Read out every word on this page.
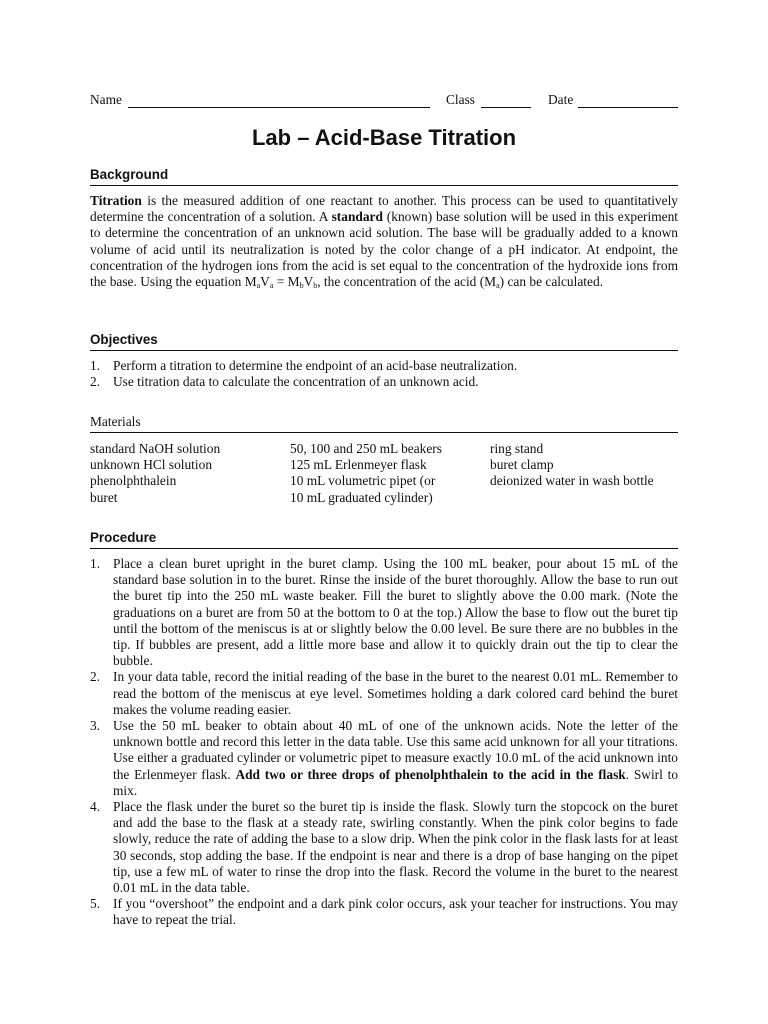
Name	Class	Date
Lab – Acid-Base Titration
Background
Titration is the measured addition of one reactant to another. This process can be used to quantitatively determine the concentration of a solution. A standard (known) base solution will be used in this experiment to determine the concentration of an unknown acid solution. The base will be gradually added to a known volume of acid until its neutralization is noted by the color change of a pH indicator. At endpoint, the concentration of the hydrogen ions from the acid is set equal to the concentration of the hydroxide ions from the base. Using the equation $M_aV_a = M_bV_b$, the concentration of the acid $(M_a)$ can be calculated.
Objectives
1. Perform a titration to determine the endpoint of an acid-base neutralization.
2. Use titration data to calculate the concentration of an unknown acid.
Materials
standard NaOH solution
unknown HCl solution
phenolphthalein
buret
50, 100 and 250 mL beakers
125 mL Erlenmeyer flask
10 mL volumetric pipet (or
10 mL graduated cylinder)
ring stand
buret clamp
deionized water in wash bottle
Procedure
1. Place a clean buret upright in the buret clamp. Using the 100 mL beaker, pour about 15 mL of the standard base solution in to the buret. Rinse the inside of the buret thoroughly. Allow the base to run out the buret tip into the 250 mL waste beaker. Fill the buret to slightly above the 0.00 mark. (Note the graduations on a buret are from 50 at the bottom to 0 at the top.) Allow the base to flow out the buret tip until the bottom of the meniscus is at or slightly below the 0.00 level. Be sure there are no bubbles in the tip. If bubbles are present, add a little more base and allow it to quickly drain out the tip to clear the bubble.
2. In your data table, record the initial reading of the base in the buret to the nearest 0.01 mL. Remember to read the bottom of the meniscus at eye level. Sometimes holding a dark colored card behind the buret makes the volume reading easier.
3. Use the 50 mL beaker to obtain about 40 mL of one of the unknown acids. Note the letter of the unknown bottle and record this letter in the data table. Use this same acid unknown for all your titrations. Use either a graduated cylinder or volumetric pipet to measure exactly 10.0 mL of the acid unknown into the Erlenmeyer flask. Add two or three drops of phenolphthalein to the acid in the flask. Swirl to mix.
4. Place the flask under the buret so the buret tip is inside the flask. Slowly turn the stopcock on the buret and add the base to the flask at a steady rate, swirling constantly. When the pink color begins to fade slowly, reduce the rate of adding the base to a slow drip. When the pink color in the flask lasts for at least 30 seconds, stop adding the base. If the endpoint is near and there is a drop of base hanging on the pipet tip, use a few mL of water to rinse the drop into the flask. Record the volume in the buret to the nearest 0.01 mL in the data table.
5. If you “overshoot” the endpoint and a dark pink color occurs, ask your teacher for instructions. You may have to repeat the trial.
